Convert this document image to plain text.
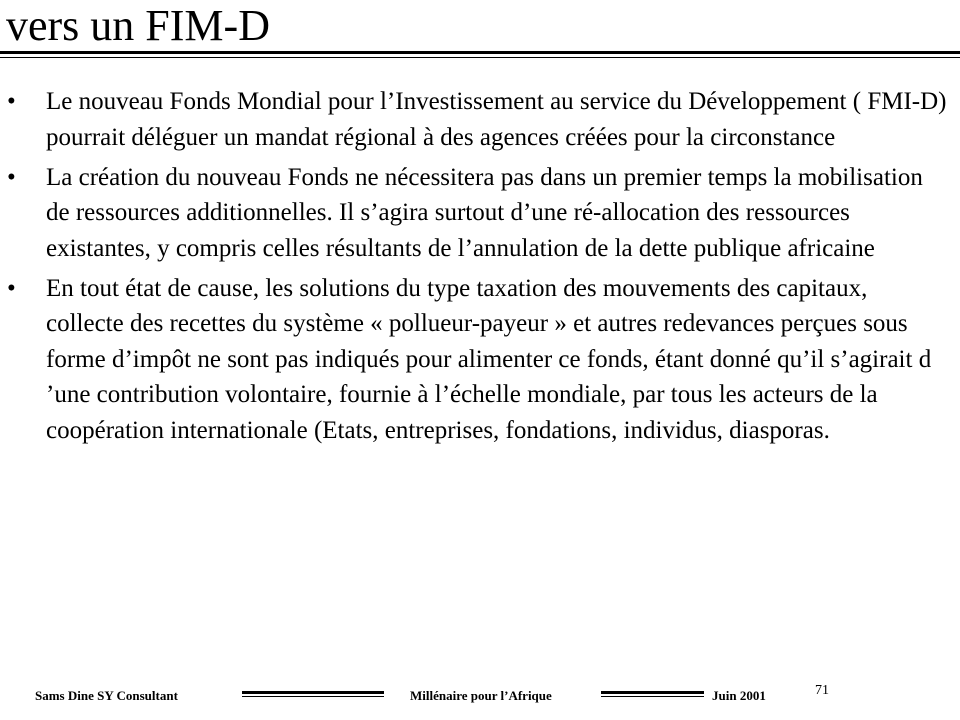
vers un FIM-D
• Le nouveau Fonds Mondial pour l’Investissement au service du Développement ( FMI-D) pourrait déléguer un mandat régional à des agences créées pour la circonstance
• La création du nouveau Fonds ne nécessitera pas dans un premier temps la mobilisation de ressources additionnelles. Il s’agira surtout d’une ré-allocation des ressources existantes, y compris celles résultants de l’annulation de la dette publique africaine
• En tout état de cause, les solutions du type taxation des mouvements des capitaux, collecte des recettes du système « pollueur-payeur » et autres redevances perçues sous forme d’impôt ne sont pas indiqués pour alimenter ce fonds, étant donné qu’il s’agirait d ’une contribution volontaire, fournie à l’échelle mondiale, par tous les acteurs de la coopération internationale (Etats, entreprises, fondations, individus, diasporas.
Sams Dine SY Consultant	Millénaire pour l’Afrique	Juin 2001	71
